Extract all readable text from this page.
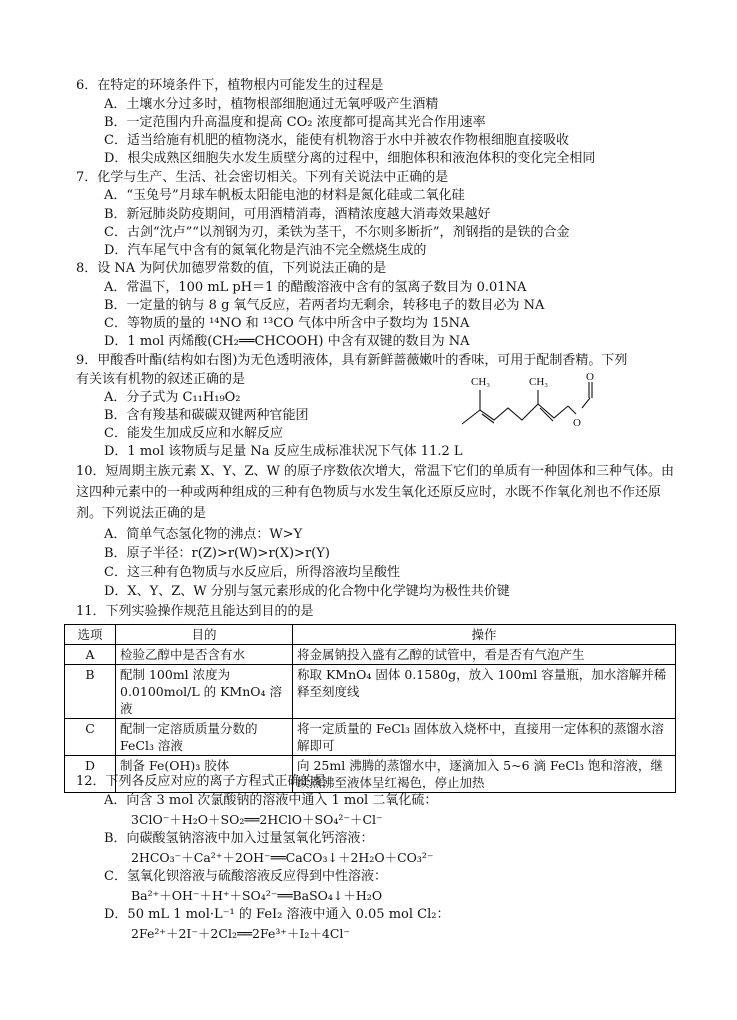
6．在特定的环境条件下，植物根内可能发生的过程是
A．土壤水分过多时，植物根部细胞通过无氧呼吸产生酒精
B．一定范围内升高温度和提高 CO₂ 浓度都可提高其光合作用速率
C．适当给施有机肥的植物浇水，能使有机物溶于水中并被农作物根细胞直接吸收
D．根尖成熟区细胞失水发生质壁分离的过程中，细胞体积和液泡体积的变化完全相同
7．化学与生产、生活、社会密切相关。下列有关说法中正确的是
A．“玉兔号”月球车帆板太阳能电池的材料是氮化硅或二氧化硅
B．新冠肺炎防疫期间，可用酒精消毒，酒精浓度越大消毒效果越好
C．古剑“沈卢”“以剂钢为刃，柔铁为茎干，不尔则多断折”，剂钢指的是铁的合金
D．汽车尾气中含有的氮氧化物是汽油不完全燃烧生成的
8．设 NA 为阿伏加德罗常数的值，下列说法正确的是
A．常温下，100 mL pH＝1 的醋酸溶液中含有的氢离子数目为 0.01NA
B．一定量的钠与 8 g 氧气反应，若两者均无剩余，转移电子的数目必为 NA
C．等物质的量的 ¹⁴NO 和 ¹³CO 气体中所含中子数均为 15NA
D．1 mol 丙烯酸(CH₂══CHCOOH) 中含有双键的数目为 NA
9．甲酸香叶酯(结构如右图)为无色透明液体，具有新鲜蔷薇嫩叶的香味，可用于配制香精。下列
有关该有机物的叙述正确的是
A．分子式为 C₁₁H₁₉O₂
B．含有羧基和碳碳双键两种官能团
C．能发生加成反应和水解反应
D．1 mol 该物质与足量 Na 反应生成标准状况下气体 11.2 L
CH₃	CH₃	O
O
10．短周期主族元素 X、Y、Z、W 的原子序数依次增大，常温下它们的单质有一种固体和三种气体。由这四种元素中的一种或两种组成的三种有色物质与水发生氧化还原反应时，水既不作氧化剂也不作还原剂。下列说法正确的是
A．简单气态氢化物的沸点：W>Y
B．原子半径：r(Z)>r(W)>r(X)>r(Y)
C．这三种有色物质与水反应后，所得溶液均呈酸性
D．X、Y、Z、W 分别与氢元素形成的化合物中化学键均为极性共价键
11．下列实验操作规范且能达到目的的是
选项	目的	操作
A	检验乙醇中是否含有水	将金属钠投入盛有乙醇的试管中，看是否有气泡产生
B	配制 100ml 浓度为 0.0100mol/L 的 KMnO₄ 溶液	称取 KMnO₄ 固体 0.1580g，放入 100ml 容量瓶，加水溶解并稀释至刻度线
C	配制一定溶质质量分数的 FeCl₃ 溶液	将一定质量的 FeCl₃ 固体放入烧杯中，直接用一定体积的蒸馏水溶解即可
D	制备 Fe(OH)₃ 胶体	向 25ml 沸腾的蒸馏水中，逐滴加入 5~6 滴 FeCl₃ 饱和溶液，继续煮沸至液体呈红褐色，停止加热
12．下列各反应对应的离子方程式正确的是
A．向含 3 mol 次氯酸钠的溶液中通入 1 mol 二氧化硫：
3ClO⁻＋H₂O＋SO₂══2HClO＋SO₄²⁻＋Cl⁻
B．向碳酸氢钠溶液中加入过量氢氧化钙溶液：
2HCO₃⁻＋Ca²⁺＋2OH⁻══CaCO₃↓＋2H₂O＋CO₃²⁻
C．氢氧化钡溶液与硫酸溶液反应得到中性溶液：
Ba²⁺＋OH⁻＋H⁺＋SO₄²⁻══BaSO₄↓＋H₂O
D．50 mL 1 mol·L⁻¹ 的 FeI₂ 溶液中通入 0.05 mol Cl₂：
2Fe²⁺＋2I⁻＋2Cl₂══2Fe³⁺＋I₂＋4Cl⁻
